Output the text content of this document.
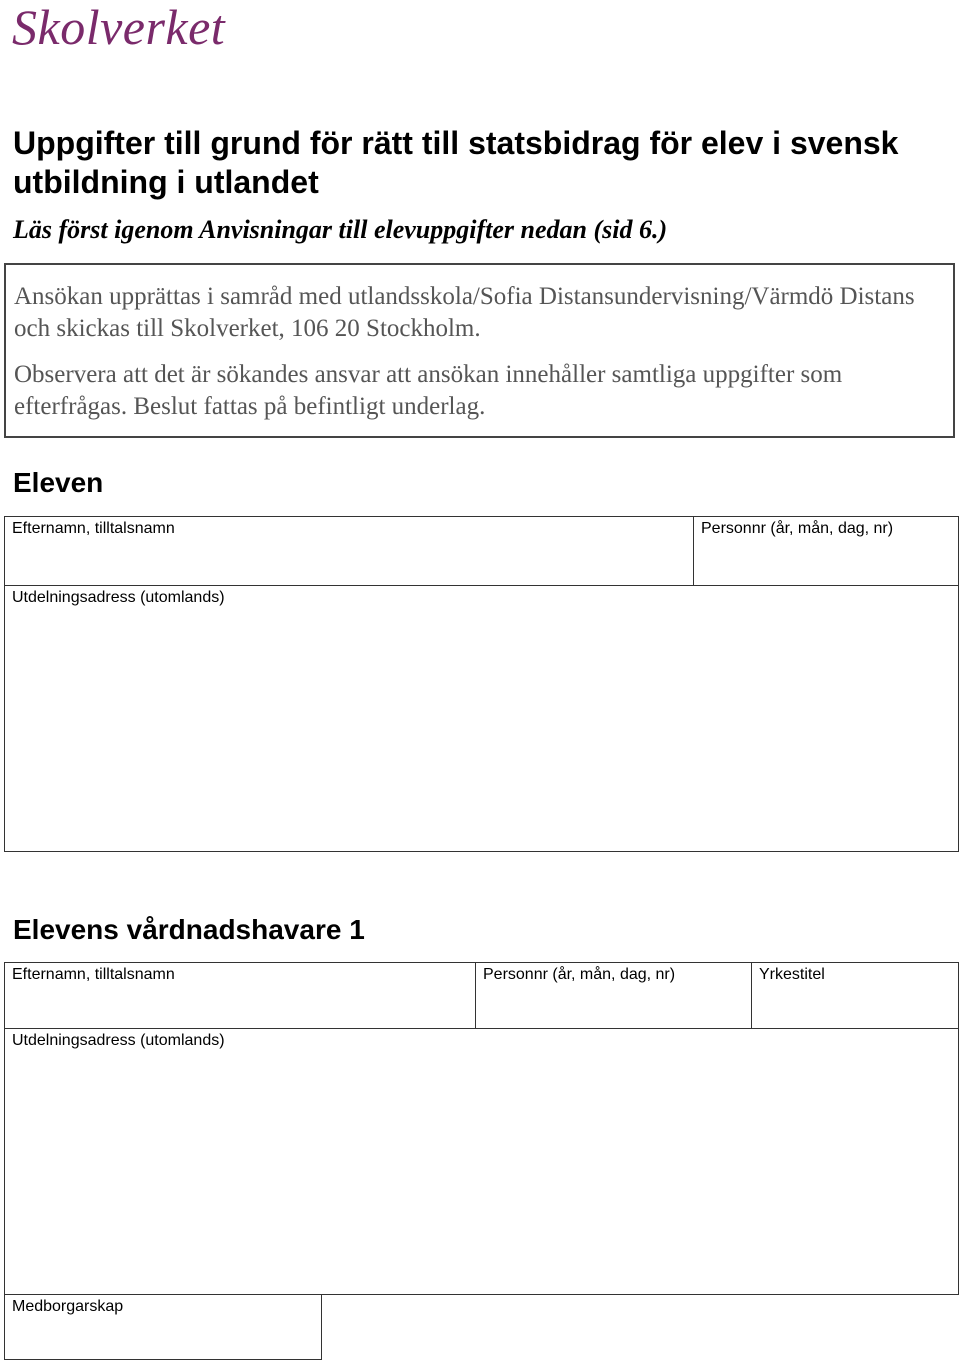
Skolverket
Uppgifter till grund för rätt till statsbidrag för elev i svensk utbildning i utlandet
Läs först igenom Anvisningar till elevuppgifter nedan (sid 6.)

Ansökan upprättas i samråd med utlandsskola/Sofia Distansundervisning/Värmdö Distans och skickas till Skolverket, 106 20 Stockholm.

Observera att det är sökandes ansvar att ansökan innehåller samtliga uppgifter som efterfrågas. Beslut fattas på befintligt underlag.

Eleven
Efternamn, tilltalsnamn	Personnr (år, mån, dag, nr)
Utdelningsadress (utomlands)
Elevens vårdnadshavare 1
Efternamn, tilltalsnamn	Personnr (år, mån, dag, nr)	Yrkestitel
Utdelningsadress (utomlands)
Medborgarskap
